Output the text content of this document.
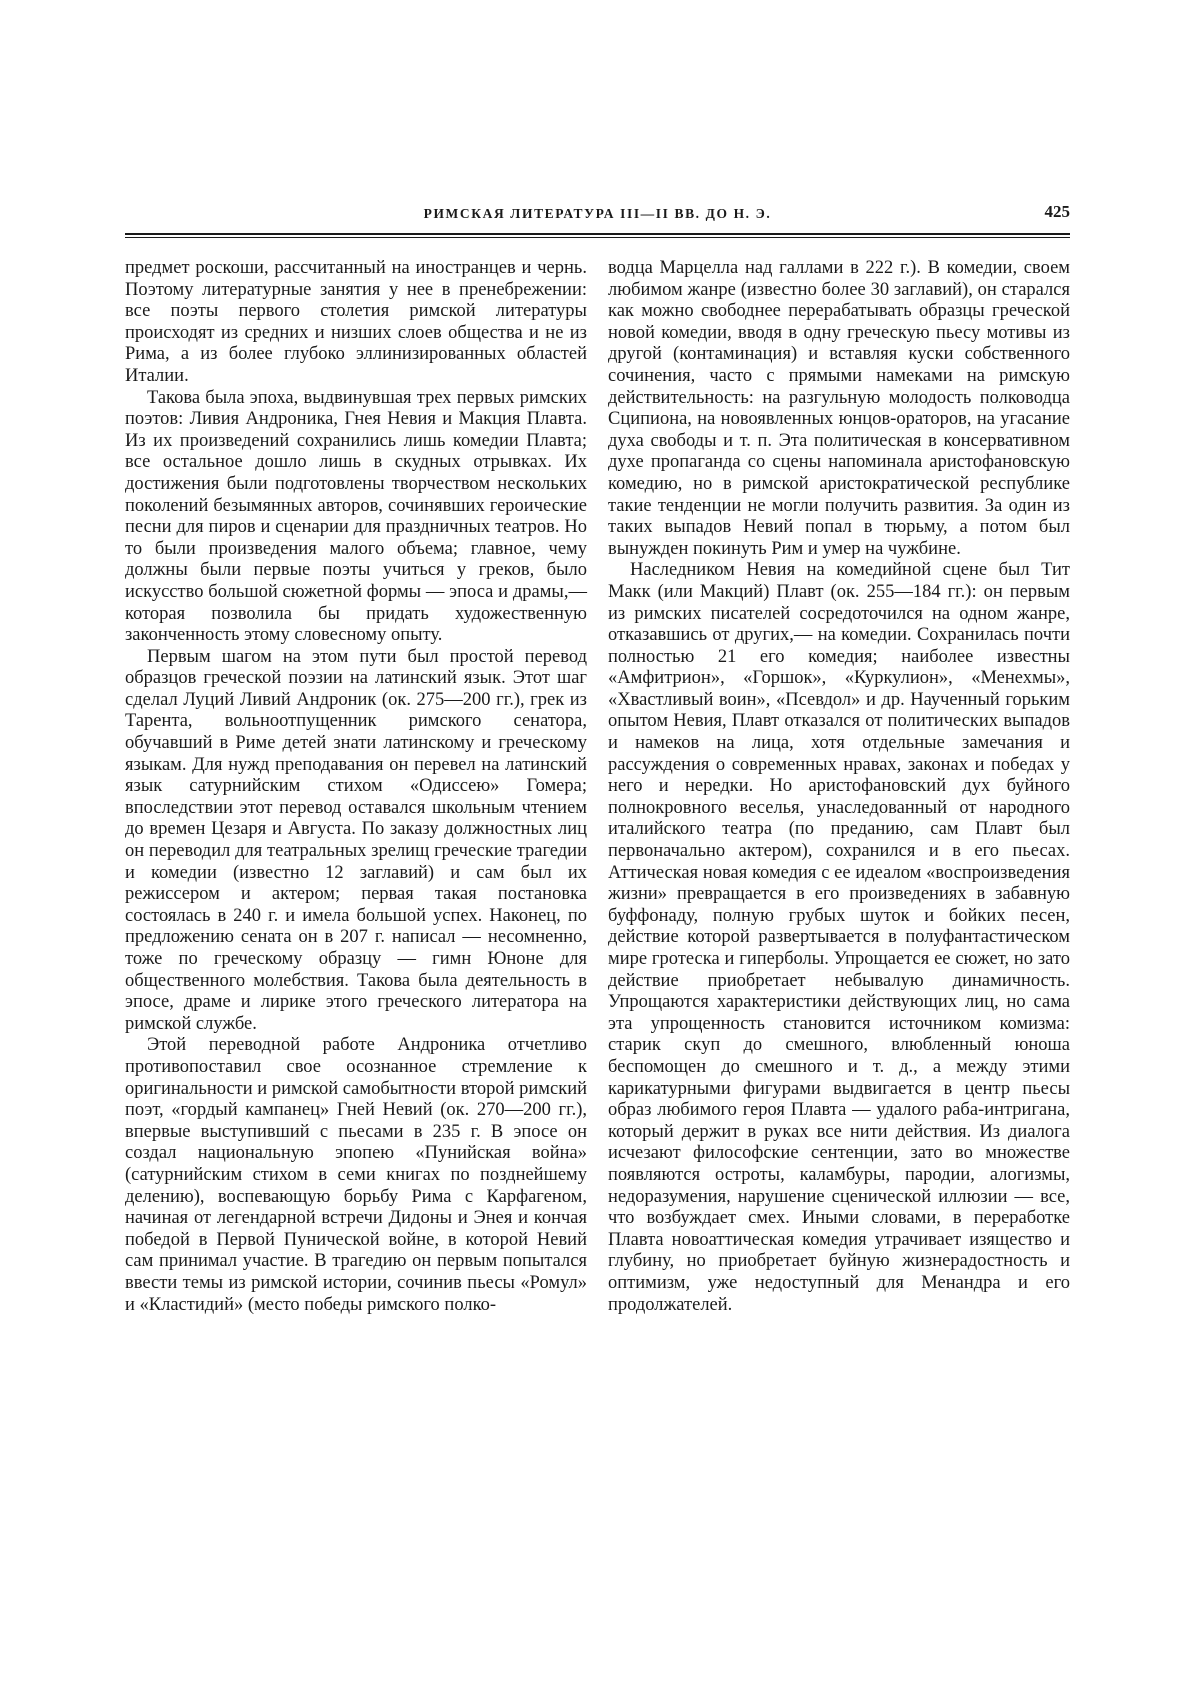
РИМСКАЯ ЛИТЕРАТУРА III—II ВВ. ДО Н. Э.	425

предмет роскоши, рассчитанный на иностранцев и чернь. Поэтому литературные занятия у нее в пренебрежении: все поэты первого столетия римской литературы происходят из средних и низших слоев общества и не из Рима, а из более глубоко эллинизированных областей Италии.

Такова была эпоха, выдвинувшая трех первых римских поэтов: Ливия Андроника, Гнея Невия и Макция Плавта. Из их произведений сохранились лишь комедии Плавта; все остальное дошло лишь в скудных отрывках. Их достижения были подготовлены творчеством нескольких поколений безымянных авторов, сочинявших героические песни для пиров и сценарии для праздничных театров. Но то были произведения малого объема; главное, чему должны были первые поэты учиться у греков, было искусство большой сюжетной формы — эпоса и драмы,— которая позволила бы придать художественную законченность этому словесному опыту.

Первым шагом на этом пути был простой перевод образцов греческой поэзии на латинский язык. Этот шаг сделал Луций Ливий Андроник (ок. 275—200 гг.), грек из Тарента, вольноотпущенник римского сенатора, обучавший в Риме детей знати латинскому и греческому языкам. Для нужд преподавания он перевел на латинский язык сатурнийским стихом «Одиссею» Гомера; впоследствии этот перевод оставался школьным чтением до времен Цезаря и Августа. По заказу должностных лиц он переводил для театральных зрелищ греческие трагедии и комедии (известно 12 заглавий) и сам был их режиссером и актером; первая такая постановка состоялась в 240 г. и имела большой успех. Наконец, по предложению сената он в 207 г. написал — несомненно, тоже по греческому образцу — гимн Юноне для общественного молебствия. Такова была деятельность в эпосе, драме и лирике этого греческого литератора на римской службе.

Этой переводной работе Андроника отчетливо противопоставил свое осознанное стремление к оригинальности и римской самобытности второй римский поэт, «гордый кампанец» Гней Невий (ок. 270—200 гг.), впервые выступивший с пьесами в 235 г. В эпосе он создал национальную эпопею «Пунийская война» (сатурнийским стихом в семи книгах по позднейшему делению), воспевающую борьбу Рима с Карфагеном, начиная от легендарной встречи Дидоны и Энея и кончая победой в Первой Пунической войне, в которой Невий сам принимал участие. В трагедию он первым попытался ввести темы из римской истории, сочинив пьесы «Ромул» и «Кластидий» (место победы римского полко-

водца Марцелла над галлами в 222 г.). В комедии, своем любимом жанре (известно более 30 заглавий), он старался как можно свободнее перерабатывать образцы греческой новой комедии, вводя в одну греческую пьесу мотивы из другой (контаминация) и вставляя куски собственного сочинения, часто с прямыми намеками на римскую действительность: на разгульную молодость полководца Сципиона, на новоявленных юнцов-ораторов, на угасание духа свободы и т. п. Эта политическая в консервативном духе пропаганда со сцены напоминала аристофановскую комедию, но в римской аристократической республике такие тенденции не могли получить развития. За один из таких выпадов Невий попал в тюрьму, а потом был вынужден покинуть Рим и умер на чужбине.

Наследником Невия на комедийной сцене был Тит Макк (или Макций) Плавт (ок. 255—184 гг.): он первым из римских писателей сосредоточился на одном жанре, отказавшись от других,— на комедии. Сохранилась почти полностью 21 его комедия; наиболее известны «Амфитрион», «Горшок», «Куркулион», «Менехмы», «Хвастливый воин», «Псевдол» и др. Наученный горьким опытом Невия, Плавт отказался от политических выпадов и намеков на лица, хотя отдельные замечания и рассуждения о современных нравах, законах и победах у него и нередки. Но аристофановский дух буйного полнокровного веселья, унаследованный от народного италийского театра (по преданию, сам Плавт был первоначально актером), сохранился и в его пьесах. Аттическая новая комедия с ее идеалом «воспроизведения жизни» превращается в его произведениях в забавную буффонаду, полную грубых шуток и бойких песен, действие которой развертывается в полуфантастическом мире гротеска и гиперболы. Упрощается ее сюжет, но зато действие приобретает небывалую динамичность. Упрощаются характеристики действующих лиц, но сама эта упрощенность становится источником комизма: старик скуп до смешного, влюбленный юноша беспомощен до смешного и т. д., а между этими карикатурными фигурами выдвигается в центр пьесы образ любимого героя Плавта — удалого раба-интригана, который держит в руках все нити действия. Из диалога исчезают философские сентенции, зато во множестве появляются остроты, каламбуры, пародии, алогизмы, недоразумения, нарушение сценической иллюзии — все, что возбуждает смех. Иными словами, в переработке Плавта новоаттическая комедия утрачивает изящество и глубину, но приобретает буйную жизнерадостность и оптимизм, уже недоступный для Менандра и его продолжателей.
